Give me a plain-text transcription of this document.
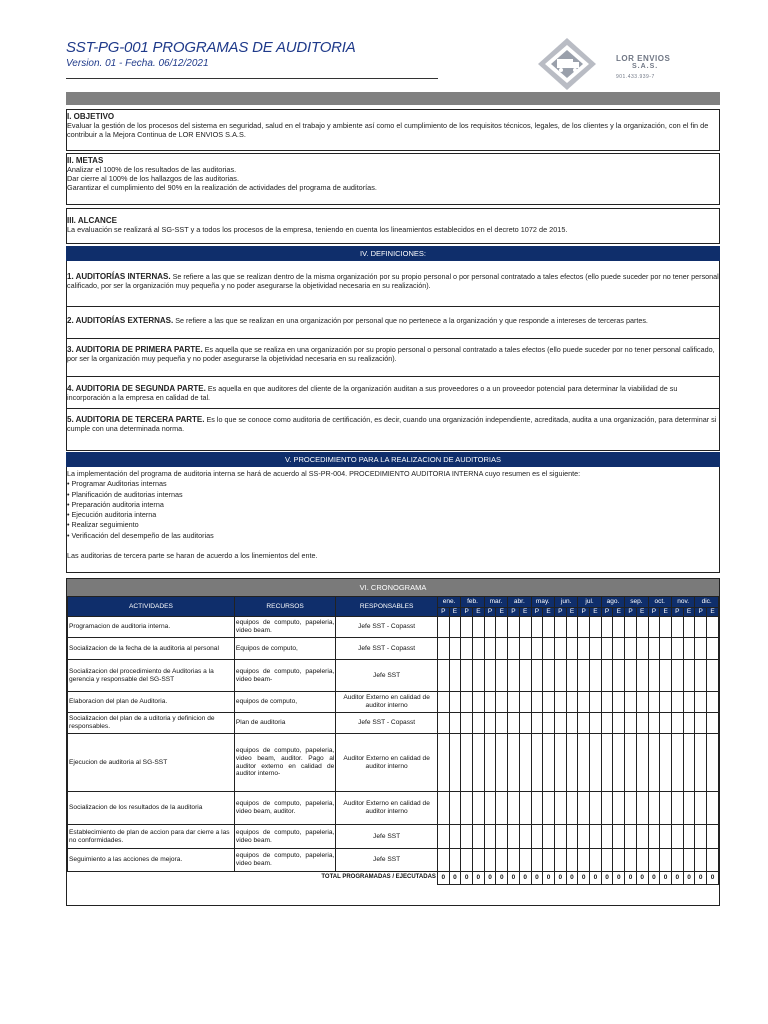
SST-PG-001 PROGRAMAS DE AUDITORIA
Version. 01 - Fecha. 06/12/2021	LOR ENVIOS
S.A.S.
901.433.939-7
I. OBJETIVO
Evaluar la gestión de los procesos del sistema en seguridad, salud en el trabajo y ambiente así como el cumplimiento de los requisitos técnicos, legales, de los clientes y la organización, con el fin de contribuir a la Mejora Continua de LOR ENVIOS S.A.S.
II. METAS
Analizar el 100% de los resultados de las auditorias.
Dar cierre al 100% de los hallazgos de las auditorias.
Garantizar el cumplimiento del 90% en la realización de actividades del programa de auditorías.
III. ALCANCE
La evaluación se realizará al SG-SST y a todos los procesos de la empresa, teniendo en cuenta los lineamientos establecidos en el decreto 1072 de 2015.
IV. DEFINICIONES:
1. AUDITORÍAS INTERNAS. Se refiere a las que se realizan dentro de la misma organización por su propio personal o por personal contratado a tales efectos (ello puede suceder por no tener personal calificado, por ser la organización muy pequeña y no poder asegurarse la objetividad necesaria en su realización).
2. AUDITORÍAS EXTERNAS. Se refiere a las que se realizan en una organización por personal que no pertenece a la organización y que responde a intereses de terceras partes.
3. AUDITORIA DE PRIMERA PARTE. Es aquella que se realiza en una organización por su propio personal o personal contratado a tales efectos (ello puede suceder por no tener personal calificado, por ser la organización muy pequeña y no poder asegurarse la objetividad necesaria en su realización).
4. AUDITORIA DE SEGUNDA PARTE. Es aquella en que auditores del cliente de la organización auditan a sus proveedores o a un proveedor potencial para determinar la viabilidad de su incorporación a la empresa en calidad de tal.
5. AUDITORIA DE TERCERA PARTE. Es lo que se conoce como auditoria de certificación, es decir, cuando una organización independiente, acreditada, audita a una organización, para determinar si cumple con una determinada norma.
V. PROCEDIMIENTO PARA LA REALIZACION DE AUDITORIAS
La implementación del programa de auditoria interna se hará de acuerdo al SS-PR-004. PROCEDIMIENTO AUDITORIA INTERNA cuyo resumen es el siguiente:
• Programar Auditorias internas
• Planificación de auditorias internas
• Preparación auditoria interna
• Ejecución auditoria interna
• Realizar seguimiento
• Verificación del desempeño de las auditorias
Las auditorias de tercera parte se haran de acuerdo a los linemientos del ente.
VI. CRONOGRAMA
ACTIVIDADES	RECURSOS	RESPONSABLES	ene.		feb.		mar.		abr.		may.		jun.		jul.		ago.		sep.		oct.		nov.		dic.	
			P	E	P	E	P	E	P	E	P	E	P	E	P	E	P	E	P	E	P	E	P	E	P	E
Programacion de auditoria interna.	equipos de computo, papeleria, video beam.	Jefe SST - Copasst																								
Socializacion de la fecha de la auditoria al personal	Equipos de computo,	Jefe SST - Copasst																								
Socializacion del procedimiento de Auditorias a la gerencia y responsable del SG-SST	equipos de computo, papeleria, video beam-	Jefe SST																								
Elaboracion del plan de Auditoria.	equipos de computo,	Auditor Externo en calidad de auditor interno																								
Socializacion del plan de a uditoria y definicion de responsables.	Plan de auditoria	Jefe SST - Copasst																								
Ejecucion de auditoria al SG-SST	equipos de computo, papeleria, video beam, auditor. Pago al auditor externo en calidad de auditor interno-	Auditor Externo en calidad de auditor interno																								
Socializacion de los resultados de la auditoria	equipos de computo, papeleria, video beam, auditor.	Auditor Externo en calidad de auditor interno																								
Establecimiento de plan de accion para dar cierre a las no conformidades.	equipos de computo, papeleria, video beam.	Jefe SST																								
Seguimiento a las acciones de mejora.	equipos de computo, papeleria, video beam.	Jefe SST																								
TOTAL PROGRAMADAS / EJECUTADAS			0	0	0	0	0	0	0	0	0	0	0	0	0	0	0	0	0	0	0	0	0	0	0	0
